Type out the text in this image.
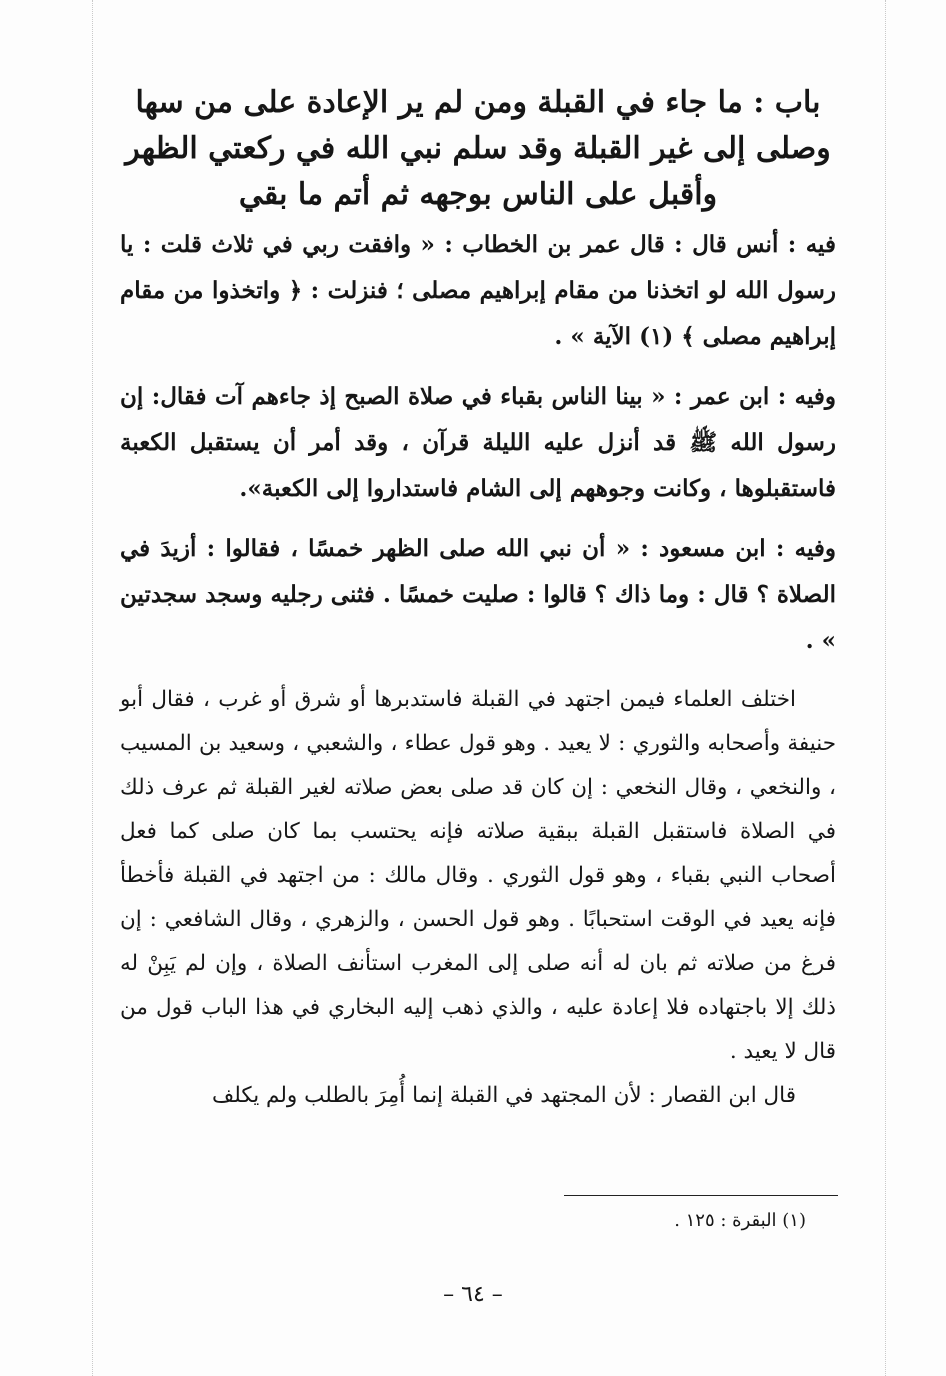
باب : ما جاء في القبلة ومن لم ير الإعادة على من سها وصلى إلى غير القبلة وقد سلم نبي الله في ركعتي الظهر وأقبل على الناس بوجهه ثم أتم ما بقي

فيه : أنس قال : قال عمر بن الخطاب : « وافقت ربي في ثلاث قلت : يا رسول الله لو اتخذنا من مقام إبراهيم مصلى ؛ فنزلت : ﴿ واتخذوا من مقام إبراهيم مصلى ﴾ (١) الآية » .

وفيه : ابن عمر : « بينا الناس بقباء في صلاة الصبح إذ جاءهم آت فقال: إن رسول الله ﷺ قد أنزل عليه الليلة قرآن ، وقد أمر أن يستقبل الكعبة فاستقبلوها ، وكانت وجوههم إلى الشام فاستداروا إلى الكعبة».

وفيه : ابن مسعود : « أن نبي الله صلى الظهر خمسًا ، فقالوا : أزيدَ في الصلاة ؟ قال : وما ذاك ؟ قالوا : صليت خمسًا . فثنى رجليه وسجد سجدتين » .

اختلف العلماء فيمن اجتهد في القبلة فاستدبرها أو شرق أو غرب ، فقال أبو حنيفة وأصحابه والثوري : لا يعيد . وهو قول عطاء ، والشعبي ، وسعيد بن المسيب ، والنخعي ، وقال النخعي : إن كان قد صلى بعض صلاته لغير القبلة ثم عرف ذلك في الصلاة فاستقبل القبلة ببقية صلاته فإنه يحتسب بما كان صلى كما فعل أصحاب النبي بقباء ، وهو قول الثوري . وقال مالك : من اجتهد في القبلة فأخطأ فإنه يعيد في الوقت استحبابًا . وهو قول الحسن ، والزهري ، وقال الشافعي : إن فرغ من صلاته ثم بان له أنه صلى إلى المغرب استأنف الصلاة ، وإن لم يَبِنْ له ذلك إلا باجتهاده فلا إعادة عليه ، والذي ذهب إليه البخاري في هذا الباب قول من قال لا يعيد .

قال ابن القصار : لأن المجتهد في القبلة إنما أُمِرَ بالطلب ولم يكلف

(١) البقرة : ١٢٥ .
– ٦٤ –
